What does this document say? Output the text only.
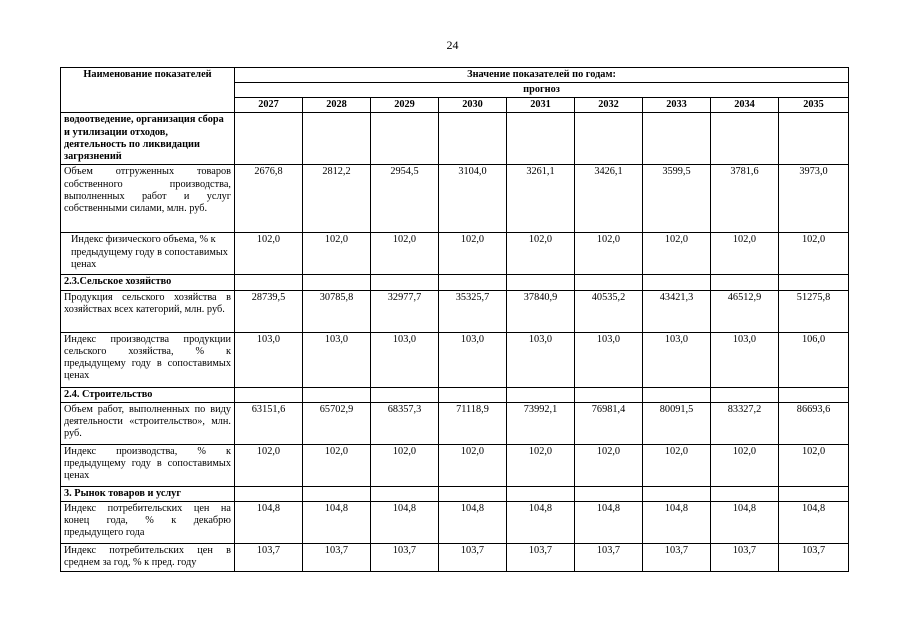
24
Наименование показателей	Значение показателей по годам:								
	прогноз								
	2027	2028	2029	2030	2031	2032	2033	2034	2035
водоотведение, организация сбора и утилизации отходов, деятельность по ликвидации загрязнений									
Объем отгруженных товаров собственного производства, выполненных работ и услуг собственными силами, млн. руб.	2676,8	2812,2	2954,5	3104,0	3261,1	3426,1	3599,5	3781,6	3973,0
Индекс физического объема, % к предыдущему году в сопоставимых ценах	102,0	102,0	102,0	102,0	102,0	102,0	102,0	102,0	102,0
2.3.Сельское хозяйство									
Продукция сельского хозяйства в хозяйствах всех категорий, млн. руб.	28739,5	30785,8	32977,7	35325,7	37840,9	40535,2	43421,3	46512,9	51275,8
Индекс производства продукции сельского хозяйства, % к предыдущему году в сопоставимых ценах	103,0	103,0	103,0	103,0	103,0	103,0	103,0	103,0	106,0
2.4. Строительство									
Объем работ, выполненных по виду деятельности «строительство», млн. руб.	63151,6	65702,9	68357,3	71118,9	73992,1	76981,4	80091,5	83327,2	86693,6
Индекс производства, % к предыдущему году в сопоставимых ценах	102,0	102,0	102,0	102,0	102,0	102,0	102,0	102,0	102,0
3. Рынок товаров и услуг									
Индекс потребительских цен на конец года, % к декабрю предыдущего года	104,8	104,8	104,8	104,8	104,8	104,8	104,8	104,8	104,8
Индекс потребительских цен в среднем за год, % к пред. году	103,7	103,7	103,7	103,7	103,7	103,7	103,7	103,7	103,7
